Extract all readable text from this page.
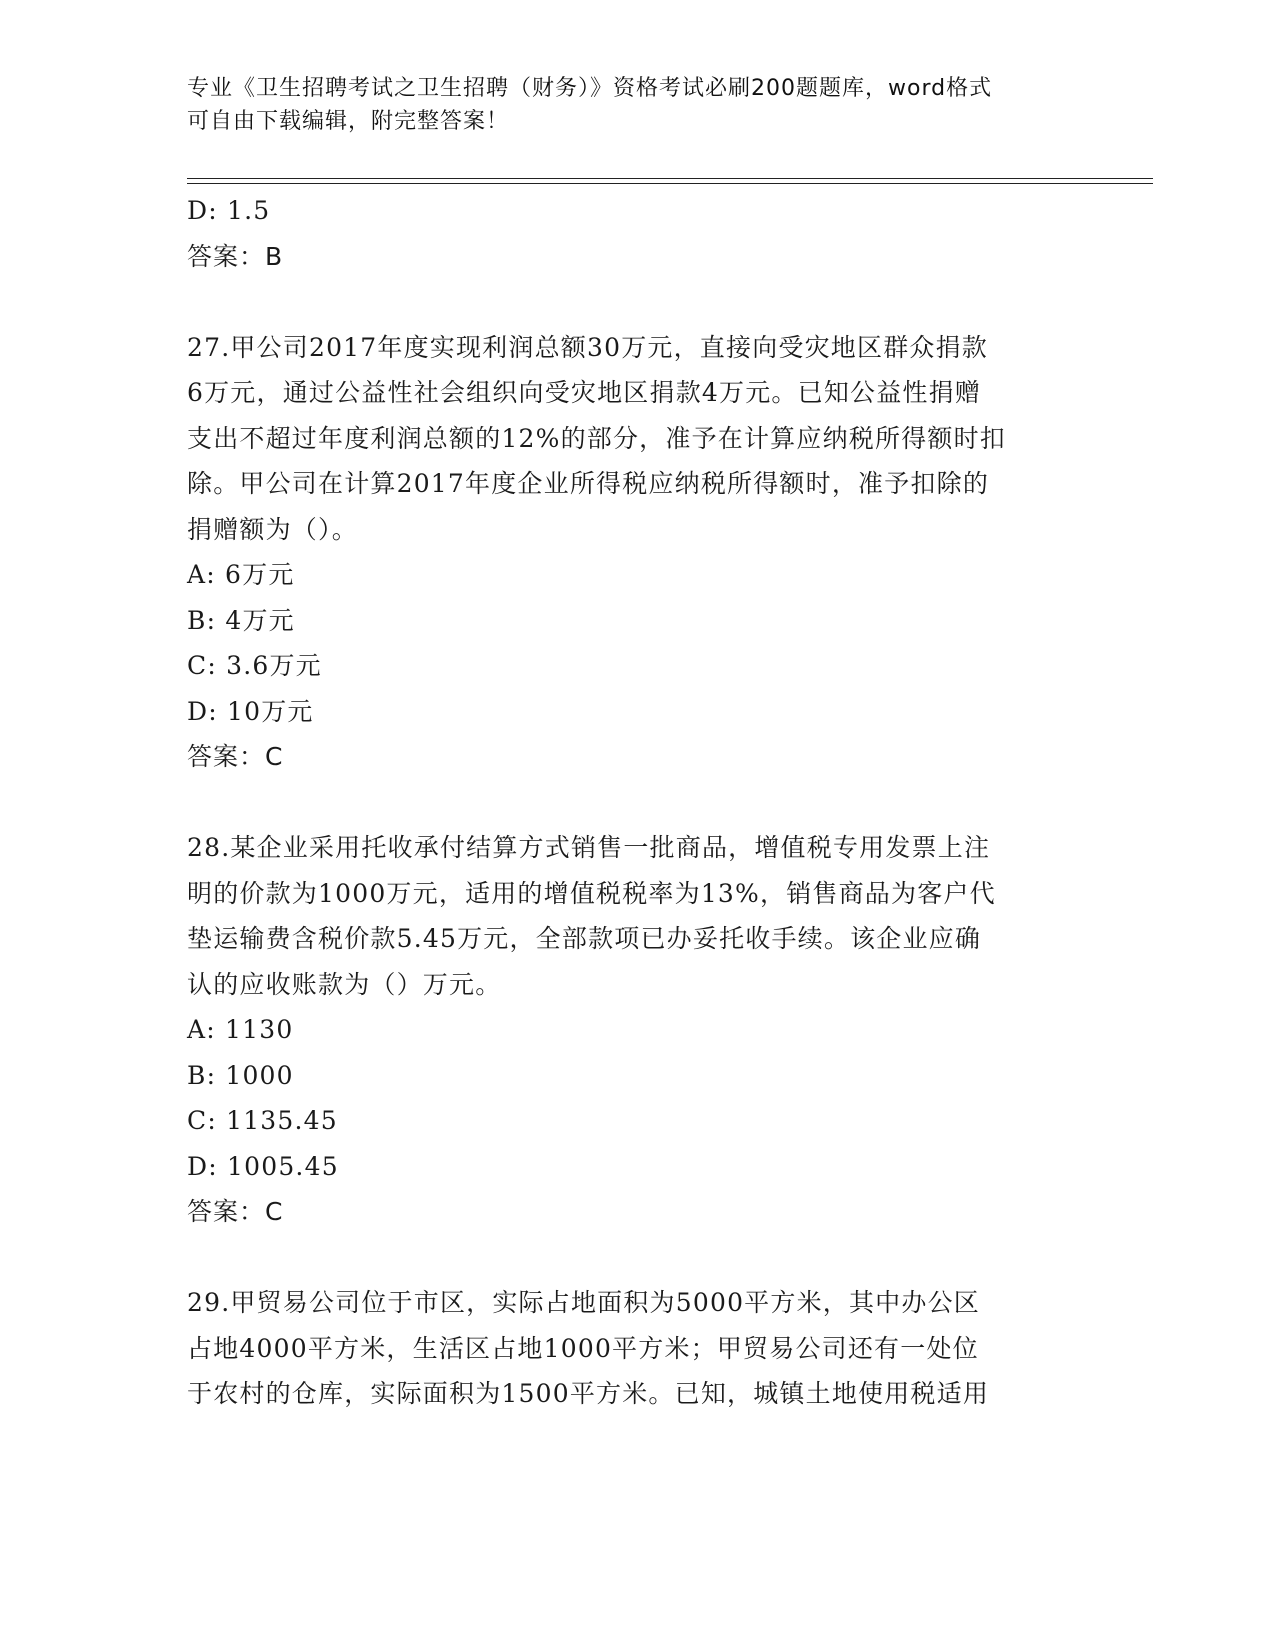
专业《卫生招聘考试之卫生招聘（财务）》资格考试必刷200题题库，word格式
可自由下载编辑，附完整答案！
D: 1.5
答案：B
27.甲公司2017年度实现利润总额30万元，直接向受灾地区群众捐款
6万元，通过公益性社会组织向受灾地区捐款4万元。已知公益性捐赠
支出不超过年度利润总额的12%的部分，准予在计算应纳税所得额时扣
除。甲公司在计算2017年度企业所得税应纳税所得额时，准予扣除的
捐赠额为（）。
A: 6万元
B: 4万元
C: 3.6万元
D: 10万元
答案：C
28.某企业采用托收承付结算方式销售一批商品，增值税专用发票上注
明的价款为1000万元，适用的增值税税率为13%，销售商品为客户代
垫运输费含税价款5.45万元，全部款项已办妥托收手续。该企业应确
认的应收账款为（）万元。
A: 1130
B: 1000
C: 1135.45
D: 1005.45
答案：C
29.甲贸易公司位于市区，实际占地面积为5000平方米，其中办公区
占地4000平方米，生活区占地1000平方米；甲贸易公司还有一处位
于农村的仓库，实际面积为1500平方米。已知，城镇土地使用税适用
